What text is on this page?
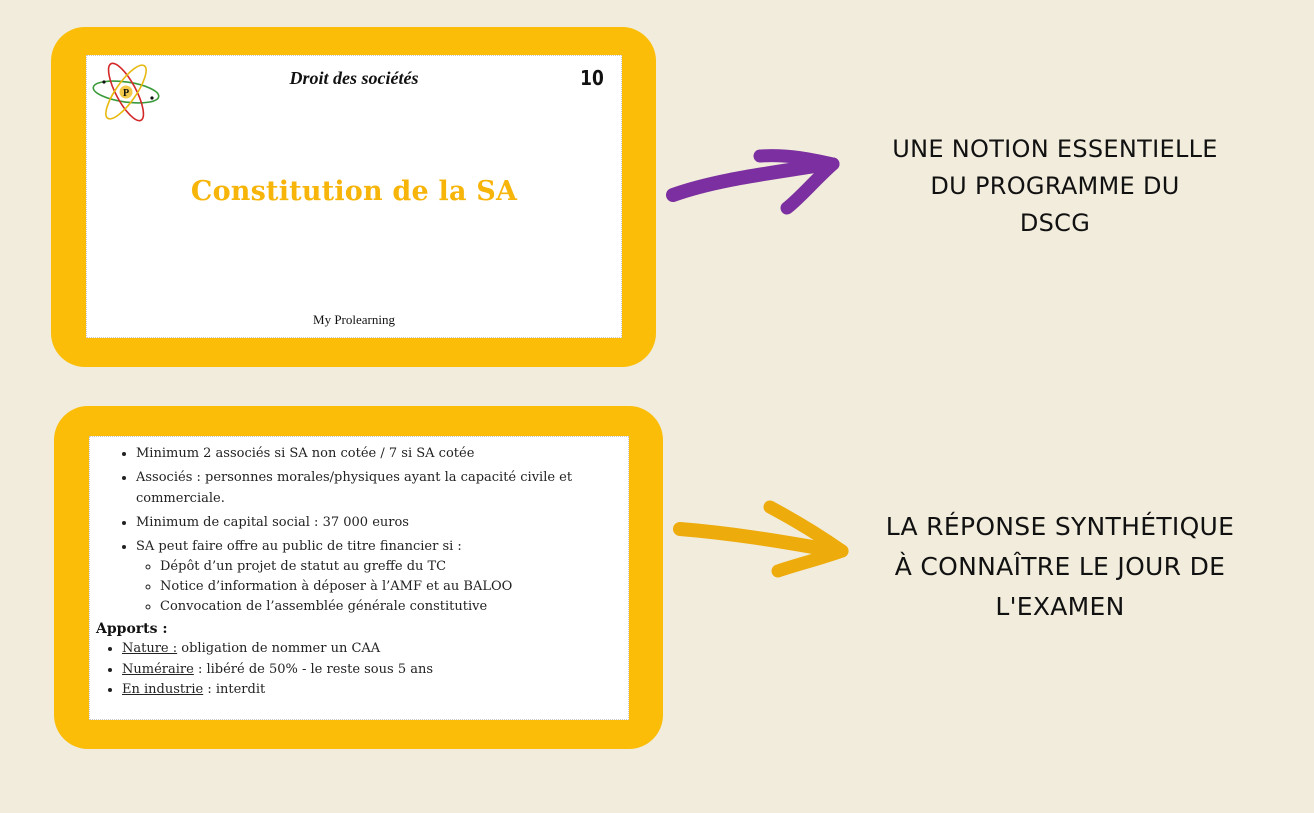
P
Droit des sociétés	10
Constitution de la SA
My Prolearning
• Minimum 2 associés si SA non cotée / 7 si SA cotée
• Associés : personnes morales/physiques ayant la capacité civile et commerciale.
• Minimum de capital social : 37 000 euros
• SA peut faire offre au public de titre financier si :
◦ Dépôt d’un projet de statut au greffe du TC
◦ Notice d’information à déposer à l’AMF et au BALOO
◦ Convocation de l’assemblée générale constitutive
Apports :
• Nature : obligation de nommer un CAA
• Numéraire : libéré de 50% - le reste sous 5 ans
• En industrie : interdit
UNE NOTION ESSENTIELLE
DU PROGRAMME DU
DSCG
LA RÉPONSE SYNTHÉTIQUE
À CONNAÎTRE LE JOUR DE
L'EXAMEN
